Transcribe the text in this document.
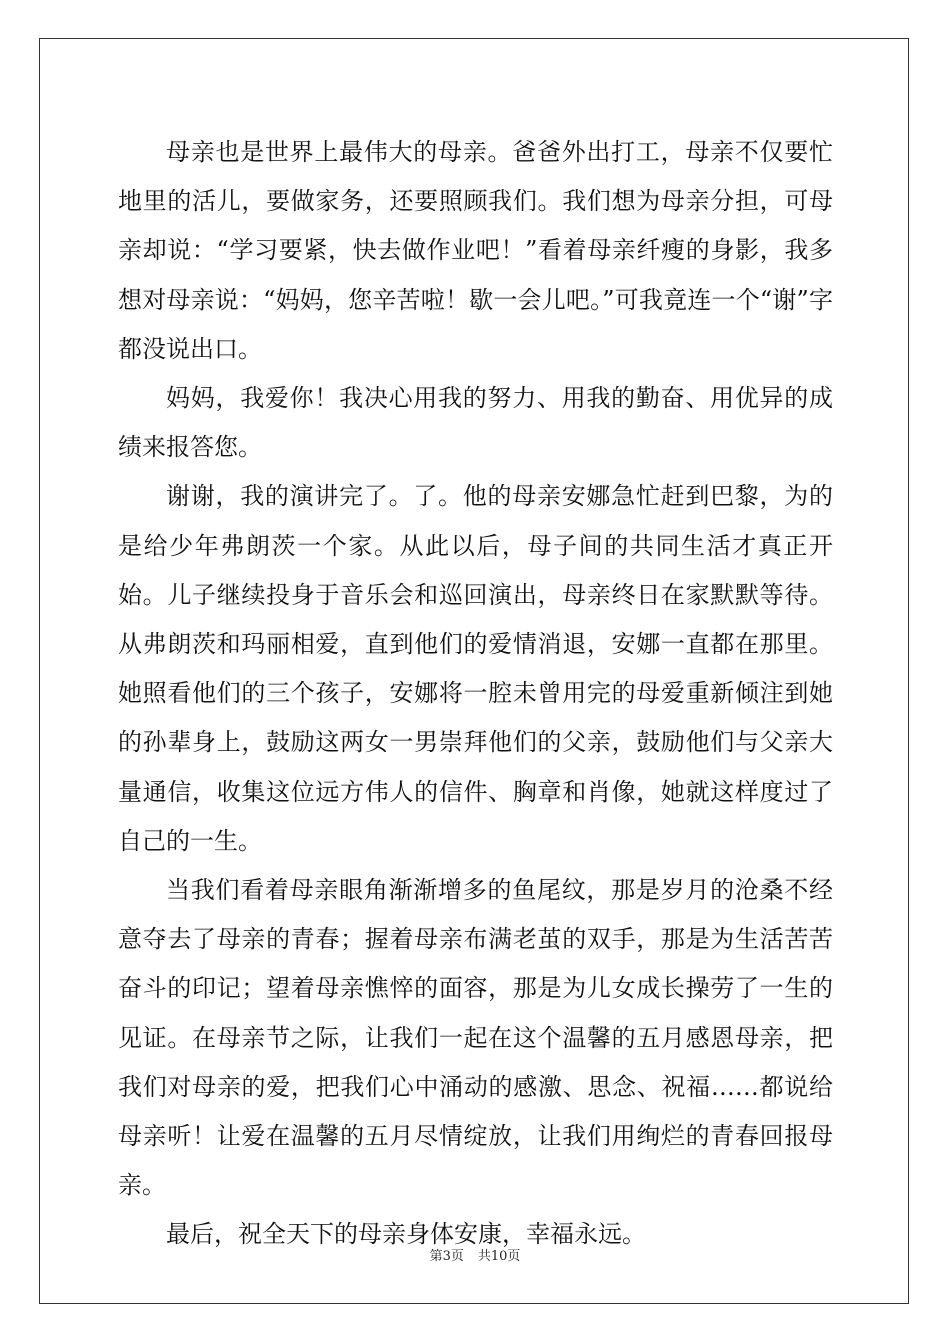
母亲也是世界上最伟大的母亲。爸爸外出打工，母亲不仅要忙地里的活儿，要做家务，还要照顾我们。我们想为母亲分担，可母亲却说：“学习要紧，快去做作业吧！”看着母亲纤瘦的身影，我多想对母亲说：“妈妈，您辛苦啦！歇一会儿吧。”可我竟连一个“谢”字都没说出口。

妈妈，我爱你！我决心用我的努力、用我的勤奋、用优异的成绩来报答您。

谢谢，我的演讲完了。了。他的母亲安娜急忙赶到巴黎，为的是给少年弗朗茨一个家。从此以后，母子间的共同生活才真正开始。儿子继续投身于音乐会和巡回演出，母亲终日在家默默等待。从弗朗茨和玛丽相爱，直到他们的爱情消退，安娜一直都在那里。她照看他们的三个孩子，安娜将一腔未曾用完的母爱重新倾注到她的孙辈身上，鼓励这两女一男崇拜他们的父亲，鼓励他们与父亲大量通信，收集这位远方伟人的信件、胸章和肖像，她就这样度过了自己的一生。

当我们看着母亲眼角渐渐增多的鱼尾纹，那是岁月的沧桑不经意夺去了母亲的青春；握着母亲布满老茧的双手，那是为生活苦苦奋斗的印记；望着母亲憔悴的面容，那是为儿女成长操劳了一生的见证。在母亲节之际，让我们一起在这个温馨的五月感恩母亲，把我们对母亲的爱，把我们心中涌动的感激、思念、祝福……都说给母亲听！让爱在温馨的五月尽情绽放，让我们用绚烂的青春回报母亲。

最后，祝全天下的母亲身体安康，幸福永远。

第3页 共10页
